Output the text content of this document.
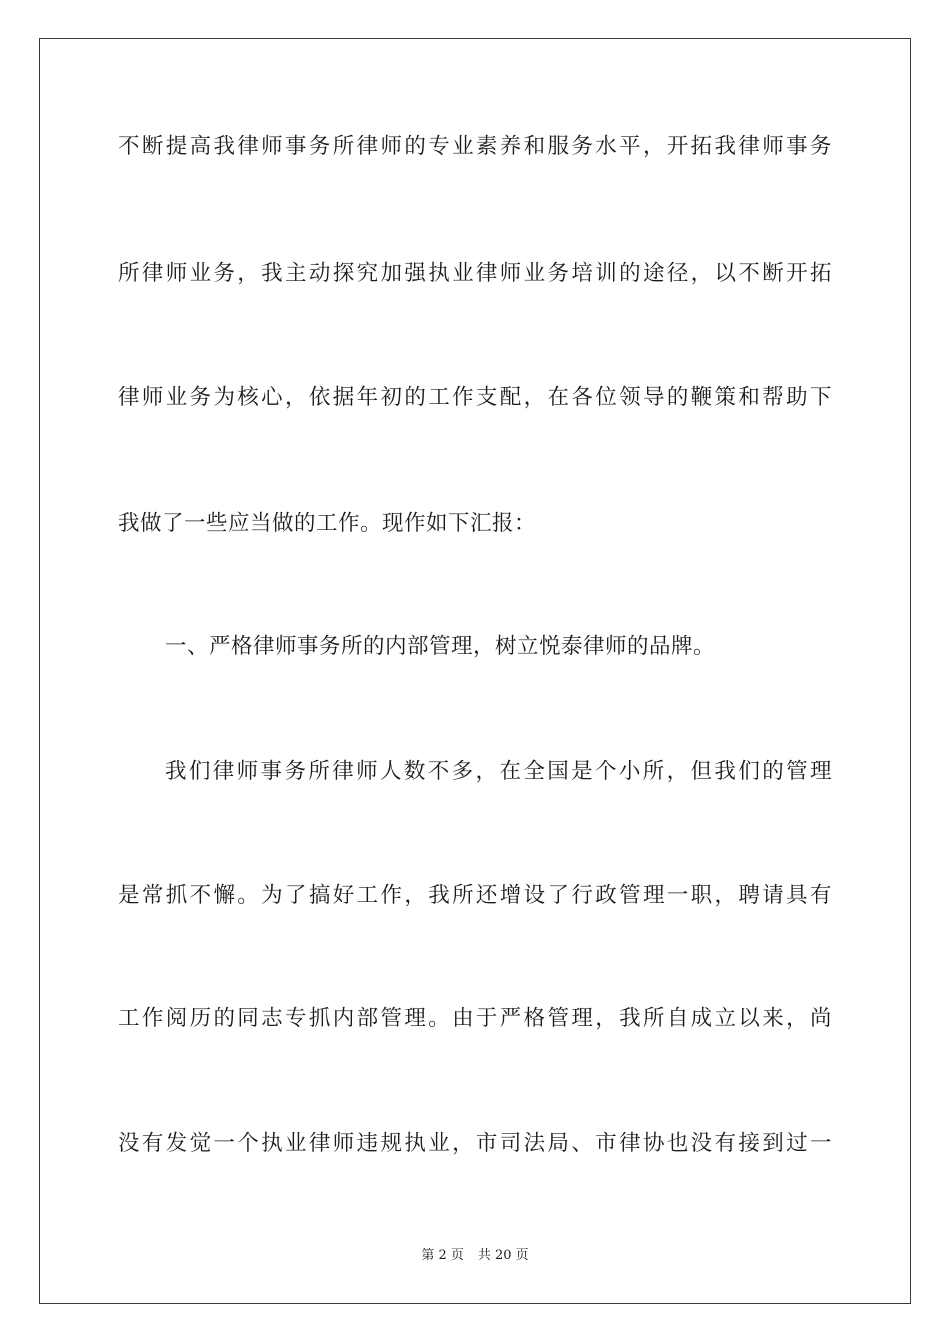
不断提高我律师事务所律师的专业素养和服务水平，开拓我律师事务
所律师业务，我主动探究加强执业律师业务培训的途径，以不断开拓
律师业务为核心，依据年初的工作支配，在各位领导的鞭策和帮助下
我做了一些应当做的工作。现作如下汇报：
一、严格律师事务所的内部管理，树立悦泰律师的品牌。
我们律师事务所律师人数不多，在全国是个小所，但我们的管理
是常抓不懈。为了搞好工作，我所还增设了行政管理一职，聘请具有
工作阅历的同志专抓内部管理。由于严格管理，我所自成立以来，尚
没有发觉一个执业律师违规执业，市司法局、市律协也没有接到过一
第 2 页 共 20 页
